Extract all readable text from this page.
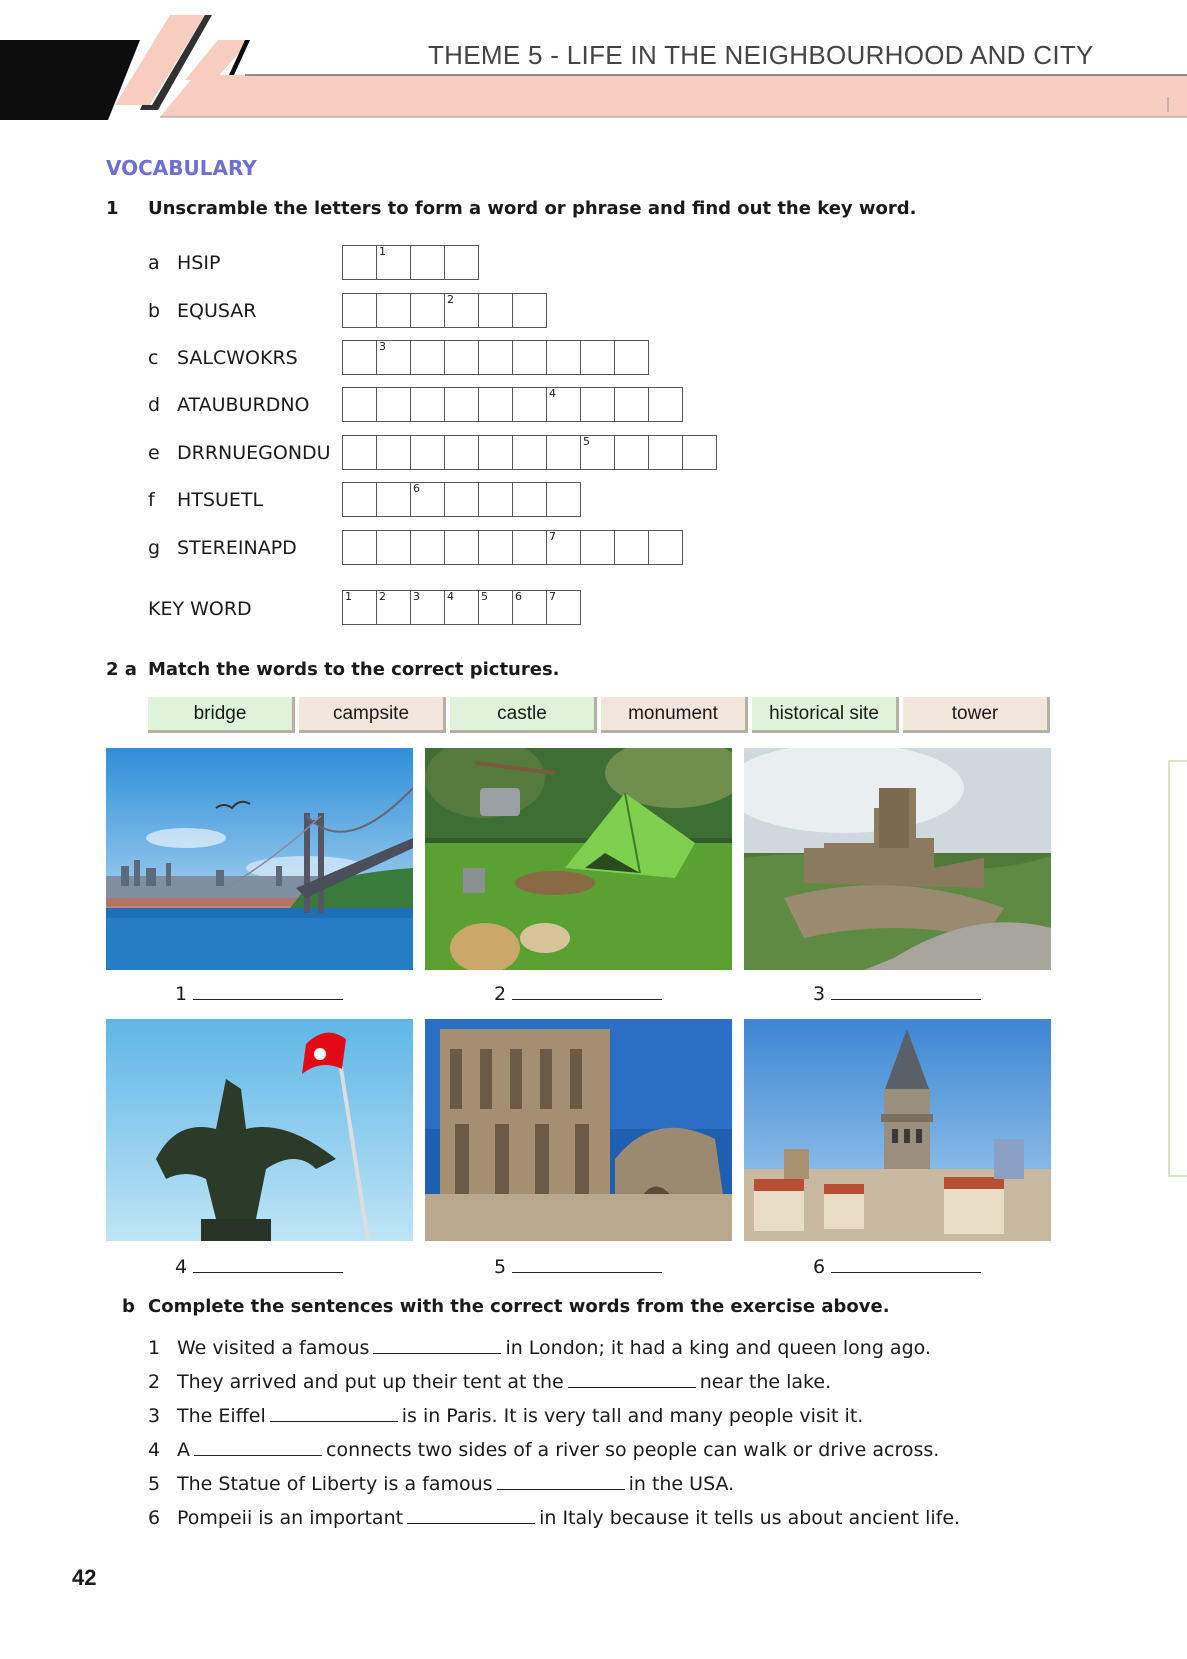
THEME 5 - LIFE IN THE NEIGHBOURHOOD AND CITY
VOCABULARY
1 Unscramble the letters to form a word or phrase and find out the key word.
a HSIP
1
b EQUSAR
2
c SALCWOKRS
3
d ATAUBURDNO
4
e DRRNUEGONDU
5
f HTSUETL
6
g STEREINAPD
7
KEY WORD
1 2 3 4 5 6 7
2 a Match the words to the correct pictures.
bridge	campsite	castle	monument	historical site	tower
1	2	3
4	5	6
b Complete the sentences with the correct words from the exercise above.
1 We visited a famous	in London; it had a king and queen long ago.
2 They arrived and put up their tent at the	near the lake.
3 The Eiffel	is in Paris. It is very tall and many people visit it.
4 A	connects two sides of a river so people can walk or drive across.
5 The Statue of Liberty is a famous	in the USA.
6 Pompeii is an important	in Italy because it tells us about ancient life.
42
